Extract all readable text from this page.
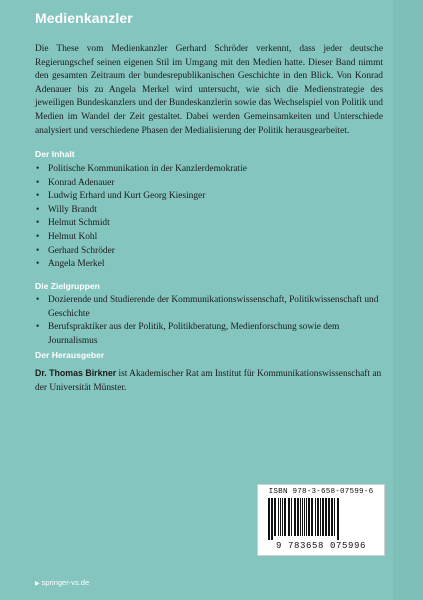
Medienkanzler

Die These vom Medienkanzler Gerhard Schröder verkennt, dass jeder deutsche Regierungschef seinen eigenen Stil im Umgang mit den Medien hatte. Dieser Band nimmt den gesamten Zeitraum der bundesrepublikanischen Geschichte in den Blick. Von Konrad Adenauer bis zu Angela Merkel wird untersucht, wie sich die Medienstrategie des jeweiligen Bundeskanzlers und der Bundeskanzlerin sowie das Wechselspiel von Politik und Medien im Wandel der Zeit gestaltet. Dabei werden Gemeinsamkeiten und Unterschiede analysiert und verschiedene Phasen der Medialisierung der Politik herausgearbeitet.

Der Inhalt
• Politische Kommunikation in der Kanzlerdemokratie
• Konrad Adenauer
• Ludwig Erhard und Kurt Georg Kiesinger
• Willy Brandt
• Helmut Schmidt
• Helmut Kohl
• Gerhard Schröder
• Angela Merkel
Die Zielgruppen
• Dozierende und Studierende der Kommunikationswissenschaft, Politikwissenschaft und Geschichte
• Berufspraktiker aus der Politik, Politikberatung, Medienforschung sowie dem Journalismus
Der Herausgeber

Dr. Thomas Birkner ist Akademischer Rat am Institut für Kommunikationswissenschaft an der Universität Münster.

ISBN 978-3-658-07599-6
9 783658 075996
▶ springer-vs.de
